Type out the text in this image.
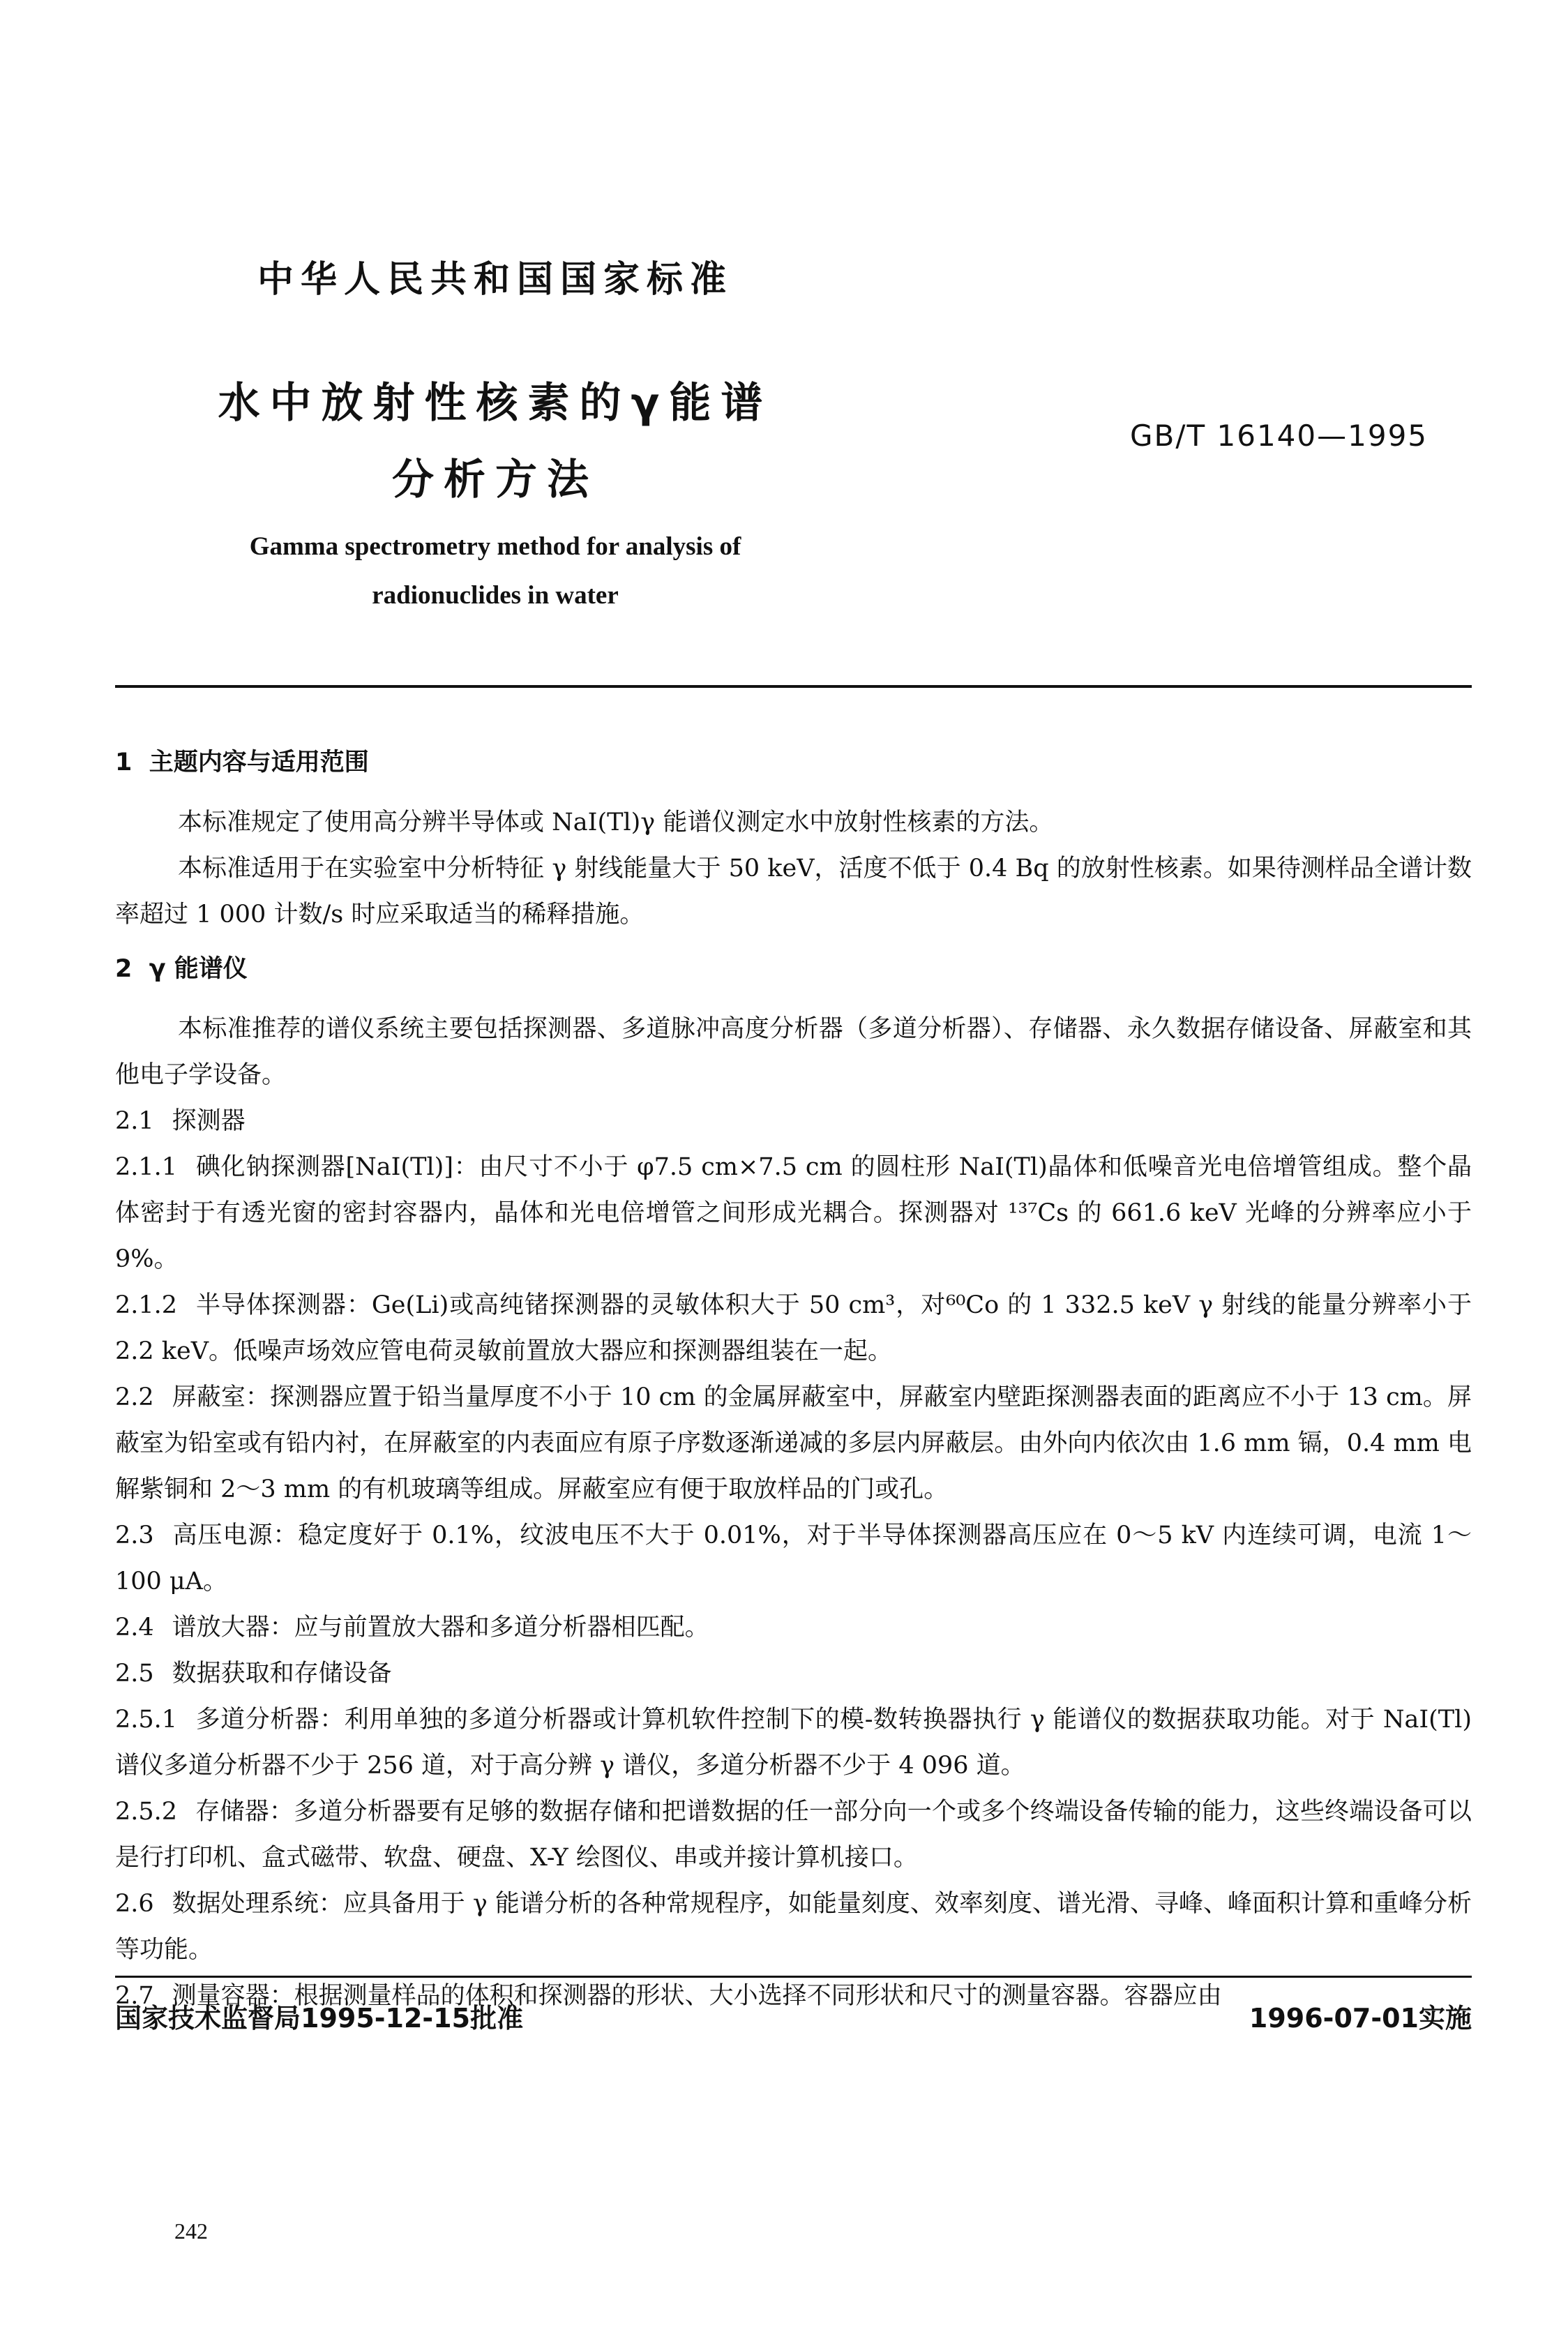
中华人民共和国国家标准
水中放射性核素的γ能谱
分析方法
GB/T 16140—1995
Gamma spectrometry method for analysis of
radionuclides in water
1  主题内容与适用范围

本标准规定了使用高分辨半导体或 NaI(Tl)γ 能谱仪测定水中放射性核素的方法。

本标准适用于在实验室中分析特征 γ 射线能量大于 50 keV，活度不低于 0.4 Bq 的放射性核素。如果待测样品全谱计数率超过 1 000 计数/s 时应采取适当的稀释措施。

2  γ 能谱仪

本标准推荐的谱仪系统主要包括探测器、多道脉冲高度分析器（多道分析器）、存储器、永久数据存储设备、屏蔽室和其他电子学设备。

2.1 探测器

2.1.1 碘化钠探测器[NaI(Tl)]：由尺寸不小于 φ7.5 cm×7.5 cm 的圆柱形 NaI(Tl)晶体和低噪音光电倍增管组成。整个晶体密封于有透光窗的密封容器内，晶体和光电倍增管之间形成光耦合。探测器对 ¹³⁷Cs 的 661.6 keV 光峰的分辨率应小于 9%。

2.1.2 半导体探测器：Ge(Li)或高纯锗探测器的灵敏体积大于 50 cm³，对⁶⁰Co 的 1 332.5 keV γ 射线的能量分辨率小于 2.2 keV。低噪声场效应管电荷灵敏前置放大器应和探测器组装在一起。

2.2 屏蔽室：探测器应置于铅当量厚度不小于 10 cm 的金属屏蔽室中，屏蔽室内壁距探测器表面的距离应不小于 13 cm。屏蔽室为铅室或有铅内衬，在屏蔽室的内表面应有原子序数逐渐递减的多层内屏蔽层。由外向内依次由 1.6 mm 镉，0.4 mm 电解紫铜和 2～3 mm 的有机玻璃等组成。屏蔽室应有便于取放样品的门或孔。

2.3 高压电源：稳定度好于 0.1%，纹波电压不大于 0.01%，对于半导体探测器高压应在 0～5 kV 内连续可调，电流 1～100 μA。

2.4 谱放大器：应与前置放大器和多道分析器相匹配。

2.5 数据获取和存储设备

2.5.1 多道分析器：利用单独的多道分析器或计算机软件控制下的模-数转换器执行 γ 能谱仪的数据获取功能。对于 NaI(Tl)谱仪多道分析器不少于 256 道，对于高分辨 γ 谱仪，多道分析器不少于 4 096 道。

2.5.2 存储器：多道分析器要有足够的数据存储和把谱数据的任一部分向一个或多个终端设备传输的能力，这些终端设备可以是行打印机、盒式磁带、软盘、硬盘、X-Y 绘图仪、串或并接计算机接口。

2.6 数据处理系统：应具备用于 γ 能谱分析的各种常规程序，如能量刻度、效率刻度、谱光滑、寻峰、峰面积计算和重峰分析等功能。

2.7 测量容器：根据测量样品的体积和探测器的形状、大小选择不同形状和尺寸的测量容器。容器应由

国家技术监督局1995-12-15批准	1996-07-01实施
242
